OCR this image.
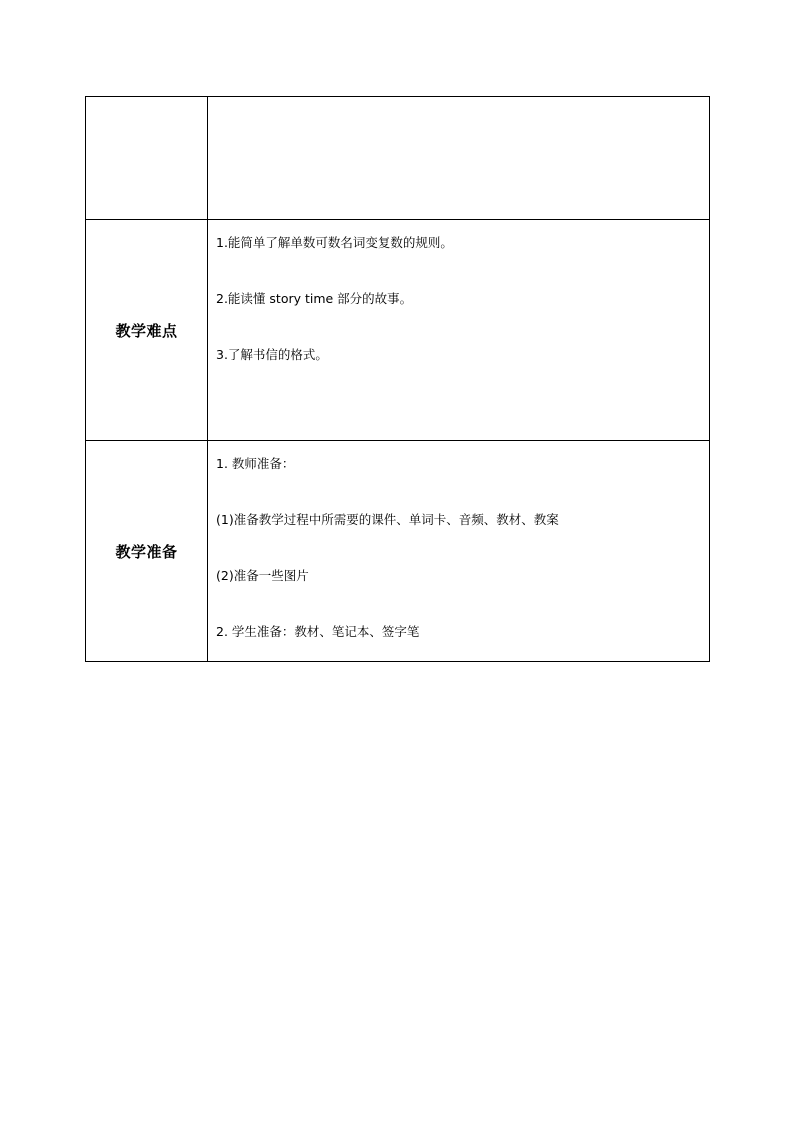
教学难点	1.能简单了解单数可数名词变复数的规则。
2.能读懂 story time 部分的故事。
3.了解书信的格式。

教学准备	1. 教师准备：
(1)准备教学过程中所需要的课件、单词卡、音频、教材、教案
(2)准备一些图片
2. 学生准备：教材、笔记本、签字笔
